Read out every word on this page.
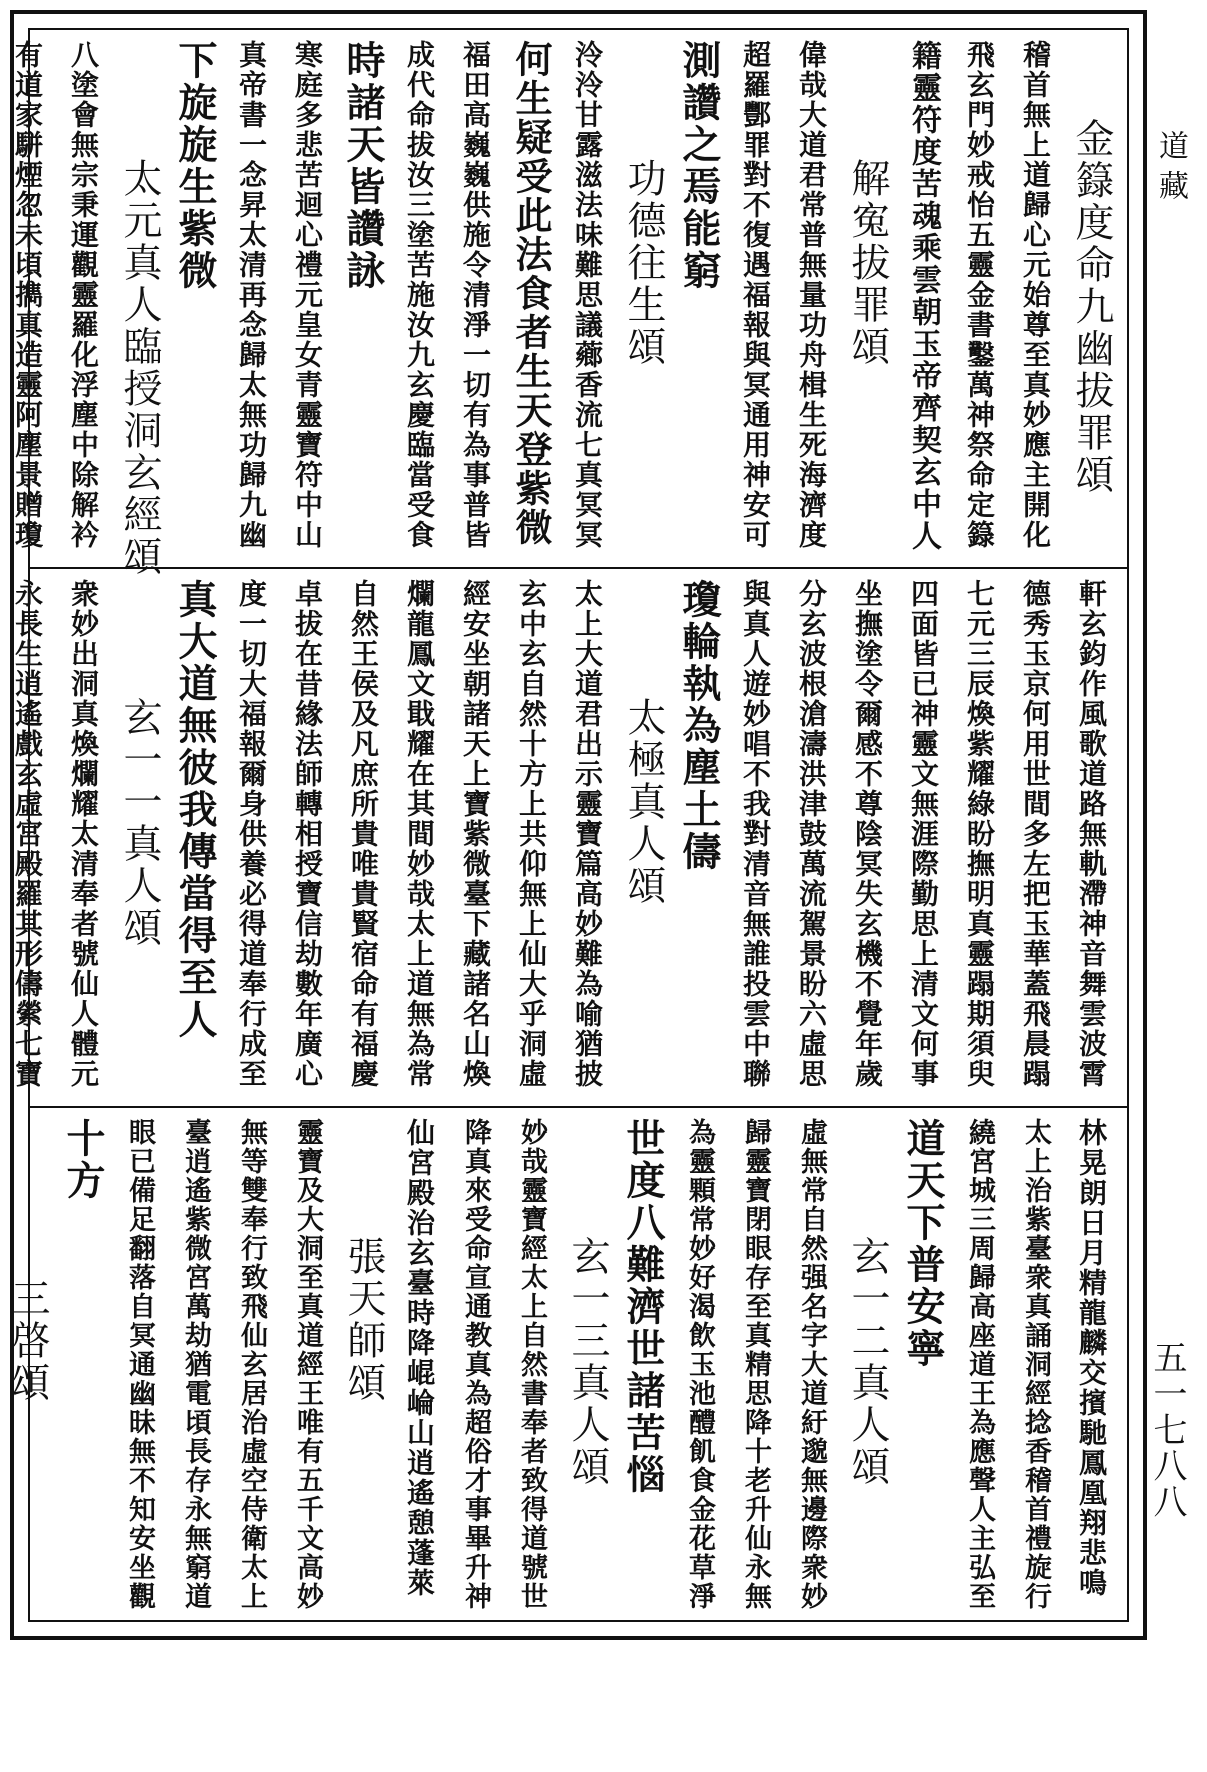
金籙度命九幽拔罪頌
稽首無上道歸心元始尊至真妙應主開化
飛玄門妙戒怡五靈金書鑿萬神祭命定籙
籍靈符度苦魂乘雲朝玉帝齊契玄中人
解寃拔罪頌
偉哉大道君常普無量功舟楫生死海濟度
超羅酆罪對不復遇福報與冥通用神安可
測讚之焉能窮
功德往生頌
泠泠甘露滋法味難思議薌香流七真冥冥
何生疑受此法食者生天登紫微
福田高巍巍供施令清淨一切有為事普皆
成代命拔汝三塗苦施汝九玄慶臨當受食
時諸天皆讚詠
寒庭多悲苦迴心禮元皇女青靈寶符中山
真帝書一念昇太清再念歸太無功歸九幽
下旋旋生紫微
太元真人臨授洞玄經頌
八塗會無宗秉運觀靈羅化浮塵中除解衿
有道家駢煙忽未頃擕真造靈阿塵景贈瓊
軒玄鈞作風歌道路無軌滯神音舞雲波霄
德秀玉京何用世間多左把玉華蓋飛晨蹋
七元三辰煥紫耀綠盼撫明真靈蹋期須臾
四面皆已神靈文無涯際勤思上清文何事
坐撫塗令爾感不尊陰冥失玄機不覺年歲
分玄波根滄濤洪津鼓萬流駕景盼六虛思
與真人遊妙唱不我對清音無誰投雲中聯
瓊輪執為塵土儔
太極真人頌
太上大道君出示靈寶篇高妙難為喻猶披
玄中玄自然十方上共仰無上仙大乎洞虛
經安坐朝諸天上寶紫微臺下藏諸名山煥
爛龍鳳文戢耀在其間妙哉太上道無為常
自然王侯及凡庶所貴唯貴賢宿命有福慶
卓拔在昔緣法師轉相授寶信劫數年廣心
度一切大福報爾身供養必得道奉行成至
真大道無彼我傳當得至人
玄一一真人頌
衆妙出洞真煥爛耀太清奉者號仙人體元
永長生逍遙戲玄虛宮殿羅其形儔縈七寶
林晃朗日月精龍麟交擯馳鳳凰翔悲鳴
太上治紫臺衆真誦洞經捻香稽首禮旋行
繞宮城三周歸高座道王為應聲人主弘至
道天下普安寧
玄一二真人頌
虛無常自然强名字大道紆邈無邊際衆妙
歸靈寶閉眼存至真精思降十老升仙永無
為靈顆常妙好渴飲玉池醴飢食金花草淨
世度八難濟世諸苦惱
玄一三真人頌
妙哉靈寶經太上自然書奉者致得道號世
降真來受命宣通教真為超俗才事畢升神
仙宮殿治玄臺時降崐崘山逍遙憩蓬萊
張天師頌
靈寶及大洞至真道經王唯有五千文高妙
無等雙奉行致飛仙玄居治虛空侍衛太上
臺逍遙紫微宮萬劫猶電頃長存永無窮道
眼已備足翻落自冥通幽昧無不知安坐觀
十方
三啓頌
道藏
五一七八八
